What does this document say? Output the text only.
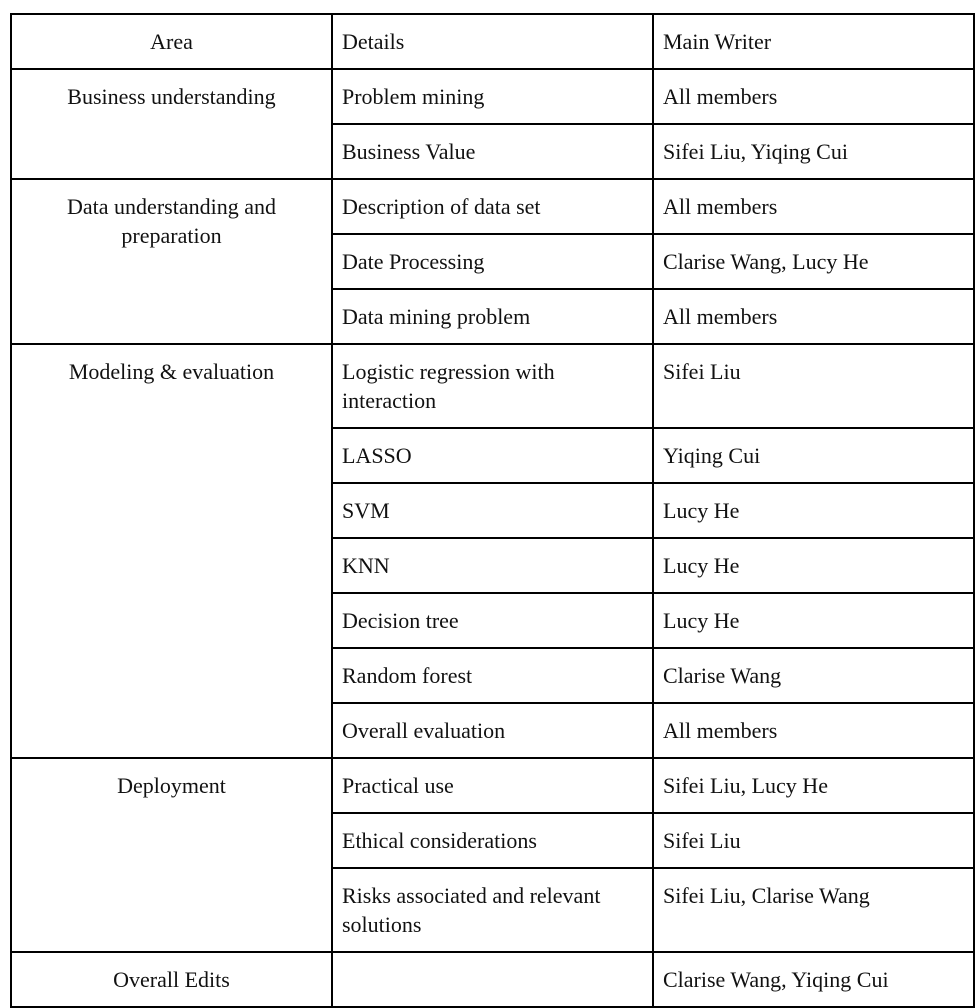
Area	Details	Main Writer
Business understanding	Problem mining	All members
	Business Value	Sifei Liu, Yiqing Cui
Data understanding and preparation	Description of data set	All members
	Date Processing	Clarise Wang, Lucy He
	Data mining problem	All members
Modeling & evaluation	Logistic regression with interaction	Sifei Liu
	LASSO	Yiqing Cui
	SVM	Lucy He
	KNN	Lucy He
	Decision tree	Lucy He
	Random forest	Clarise Wang
	Overall evaluation	All members
Deployment	Practical use	Sifei Liu, Lucy He
	Ethical considerations	Sifei Liu
	Risks associated and relevant solutions	Sifei Liu, Clarise Wang
Overall Edits		Clarise Wang, Yiqing Cui
